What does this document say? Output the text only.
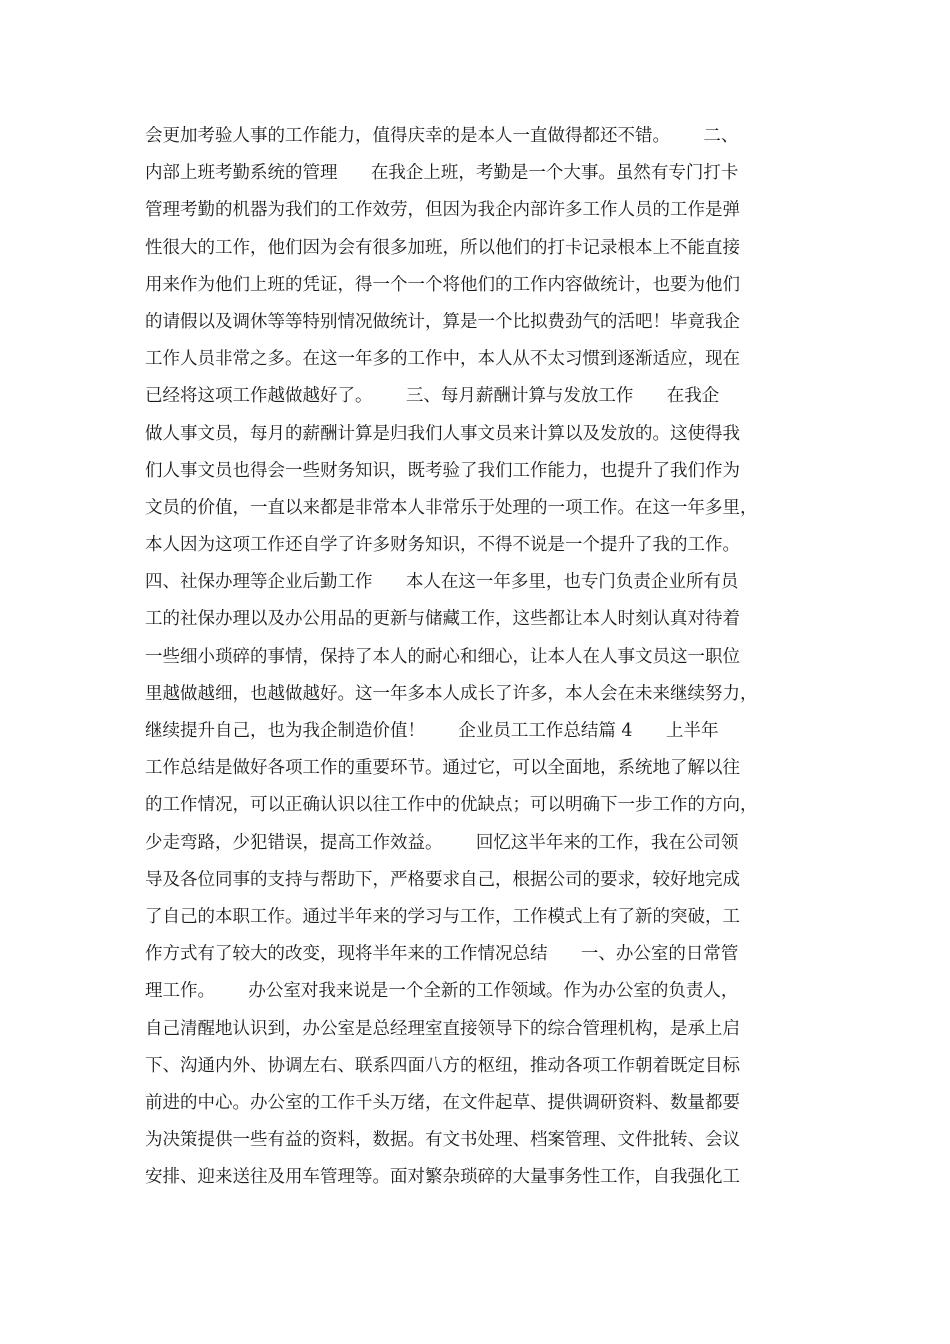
会更加考验人事的工作能力，值得庆幸的是本人一直做得都还不错。      二、
内部上班考勤系统的管理      在我企上班，考勤是一个大事。虽然有专门打卡
管理考勤的机器为我们的工作效劳，但因为我企内部许多工作人员的工作是弹
性很大的工作，他们因为会有很多加班，所以他们的打卡记录根本上不能直接
用来作为他们上班的凭证，得一个一个将他们的工作内容做统计，也要为他们
的请假以及调休等等特别情况做统计，算是一个比拟费劲气的活吧！毕竟我企
工作人员非常之多。在这一年多的工作中，本人从不太习惯到逐渐适应，现在
已经将这项工作越做越好了。      三、每月薪酬计算与发放工作      在我企
做人事文员，每月的薪酬计算是归我们人事文员来计算以及发放的。这使得我
们人事文员也得会一些财务知识，既考验了我们工作能力，也提升了我们作为
文员的价值，一直以来都是非常本人非常乐于处理的一项工作。在这一年多里，
本人因为这项工作还自学了许多财务知识，不得不说是一个提升了我的工作。
四、社保办理等企业后勤工作      本人在这一年多里，也专门负责企业所有员
工的社保办理以及办公用品的更新与储藏工作，这些都让本人时刻认真对待着
一些细小琐碎的事情，保持了本人的耐心和细心，让本人在人事文员这一职位
里越做越细，也越做越好。这一年多本人成长了许多，本人会在未来继续努力，
继续提升自己，也为我企制造价值！      企业员工工作总结篇 4      上半年
工作总结是做好各项工作的重要环节。通过它，可以全面地，系统地了解以往
的工作情况，可以正确认识以往工作中的优缺点；可以明确下一步工作的方向，
少走弯路，少犯错误，提高工作效益。      回忆这半年来的工作，我在公司领
导及各位同事的支持与帮助下，严格要求自己，根据公司的要求，较好地完成
了自己的本职工作。通过半年来的学习与工作，工作模式上有了新的突破，工
作方式有了较大的改变，现将半年来的工作情况总结      一、办公室的日常管
理工作。      办公室对我来说是一个全新的工作领域。作为办公室的负责人，
自己清醒地认识到，办公室是总经理室直接领导下的综合管理机构，是承上启
下、沟通内外、协调左右、联系四面八方的枢纽，推动各项工作朝着既定目标
前进的中心。办公室的工作千头万绪，在文件起草、提供调研资料、数量都要
为决策提供一些有益的资料，数据。有文书处理、档案管理、文件批转、会议
安排、迎来送往及用车管理等。面对繁杂琐碎的大量事务性工作，自我强化工
